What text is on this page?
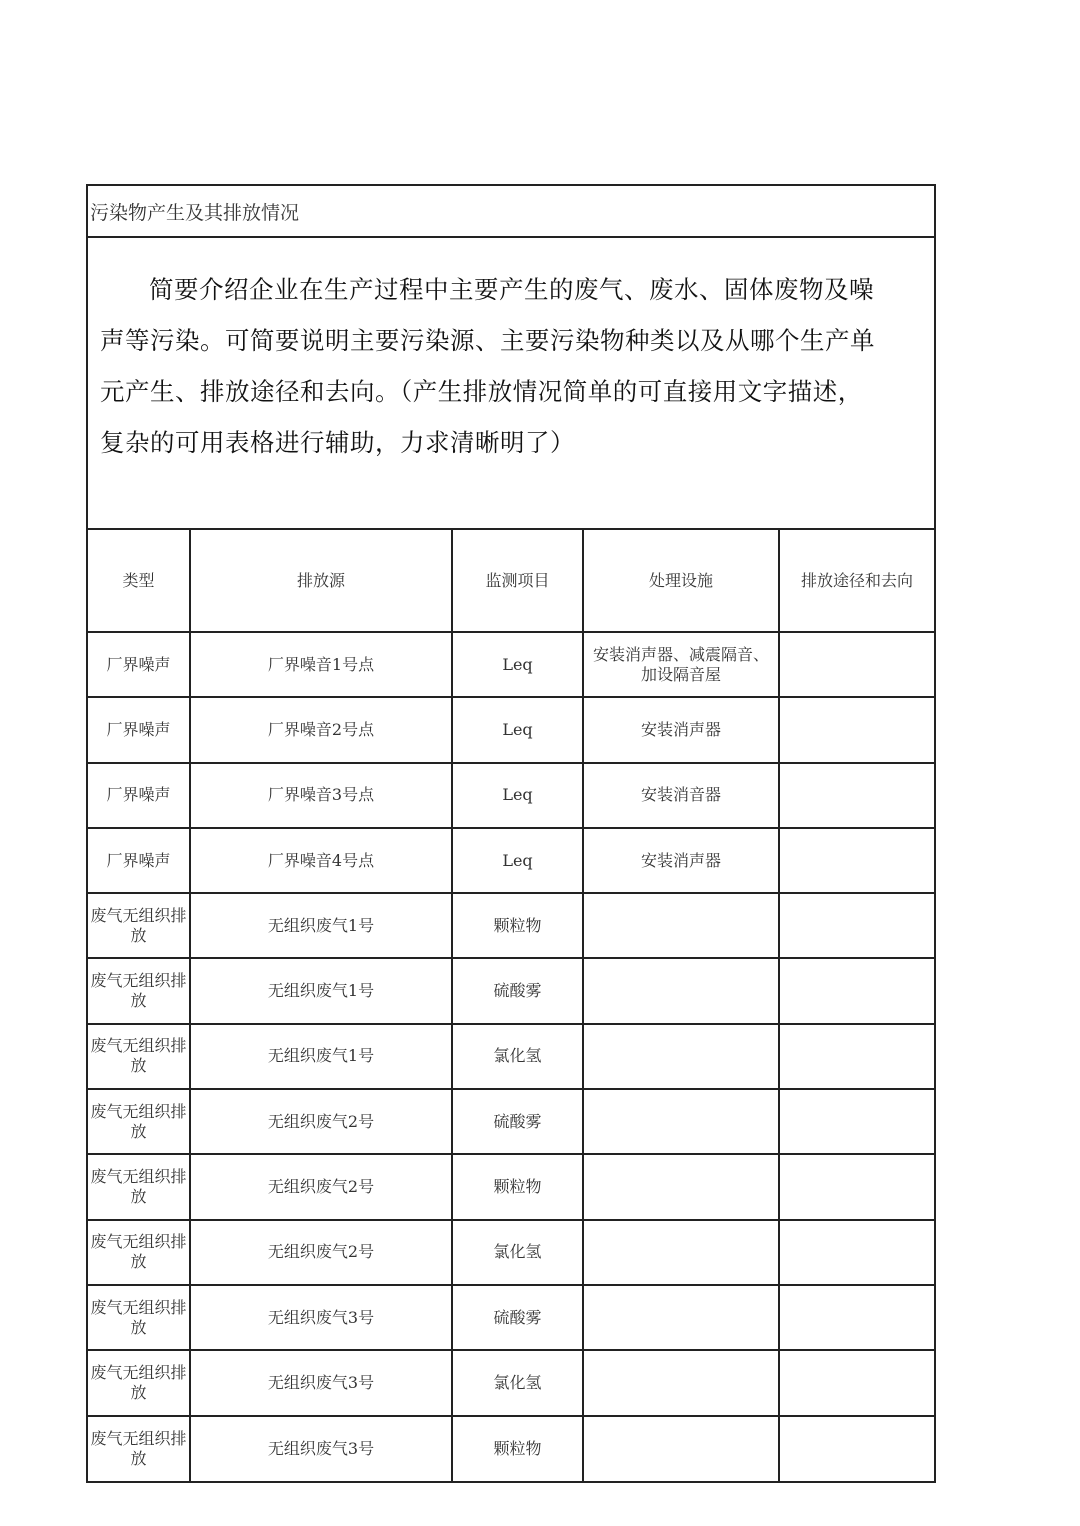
污染物产生及其排放情况
简要介绍企业在生产过程中主要产生的废气、废水、固体废物及噪声等污染。可简要说明主要污染源、主要污染物种类以及从哪个生产单元产生、排放途径和去向。（产生排放情况简单的可直接用文字描述，复杂的可用表格进行辅助，力求清晰明了）
类型	排放源	监测项目	处理设施	排放途径和去向
厂界噪声	厂界噪音1号点	Leq	安装消声器、减震隔音、加设隔音屋	
厂界噪声	厂界噪音2号点	Leq	安装消声器	
厂界噪声	厂界噪音3号点	Leq	安装消音器	
厂界噪声	厂界噪音4号点	Leq	安装消声器	
废气无组织排放	无组织废气1号	颗粒物		
废气无组织排放	无组织废气1号	硫酸雾		
废气无组织排放	无组织废气1号	氯化氢		
废气无组织排放	无组织废气2号	硫酸雾		
废气无组织排放	无组织废气2号	颗粒物		
废气无组织排放	无组织废气2号	氯化氢		
废气无组织排放	无组织废气3号	硫酸雾		
废气无组织排放	无组织废气3号	氯化氢		
废气无组织排放	无组织废气3号	颗粒物		
